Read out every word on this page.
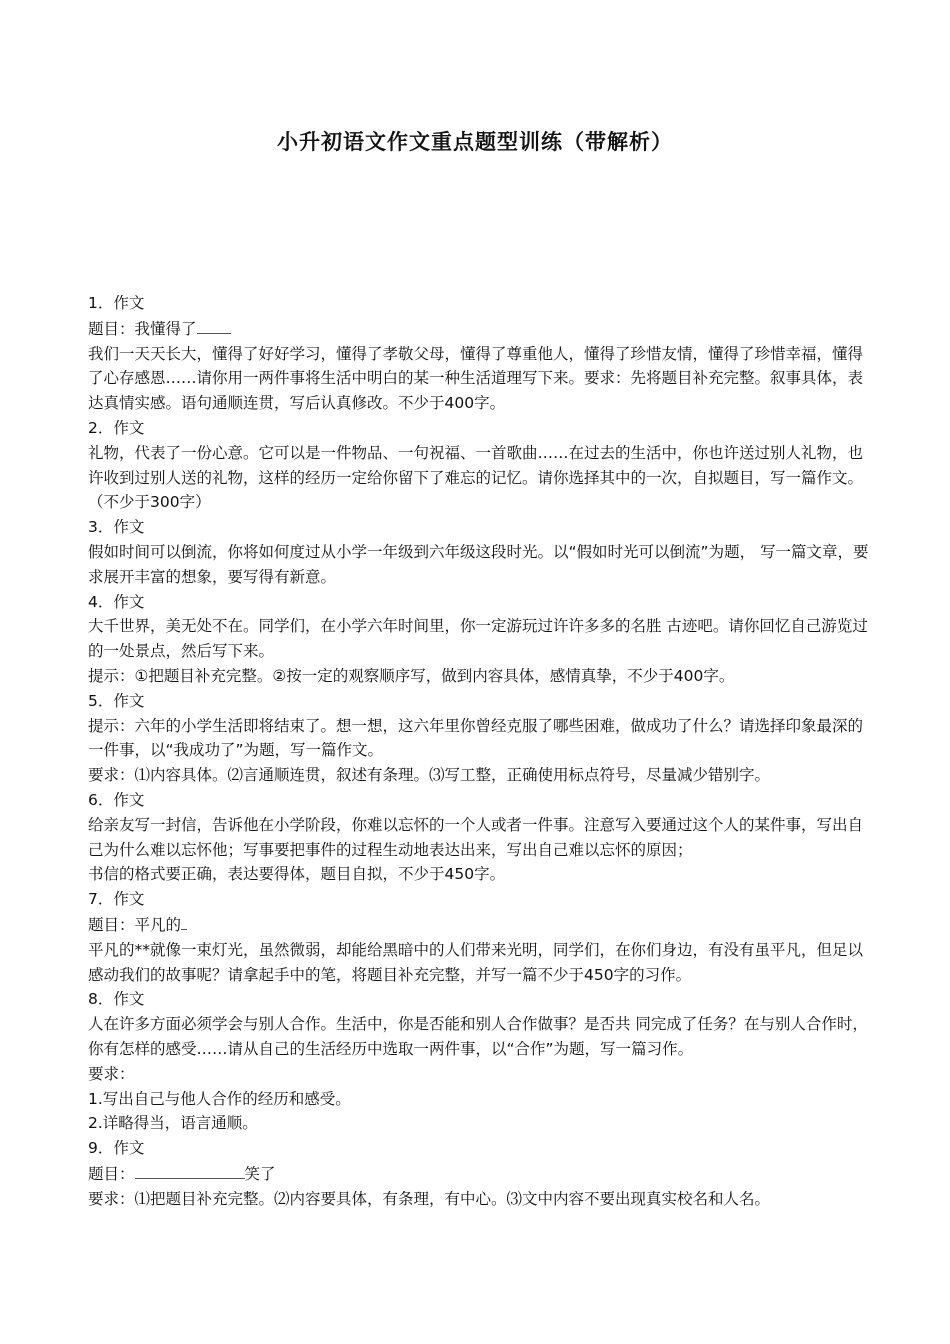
小升初语文作文重点题型训练（带解析）

1．作文

题目：我懂得了

我们一天天长大，懂得了好好学习，懂得了孝敬父母，懂得了尊重他人，懂得了珍惜友情，懂得了珍惜幸福，懂得了心存感恩……请你用一两件事将生活中明白的某一种生活道理写下来。要求：先将题目补充完整。叙事具体，表达真情实感。语句通顺连贯，写后认真修改。不少于400字。

2．作文

礼物，代表了一份心意。它可以是一件物品、一句祝福、一首歌曲……在过去的生活中，你也许送过别人礼物，也许收到过别人送的礼物，这样的经历一定给你留下了难忘的记忆。请你选择其中的一次，自拟题目，写一篇作文。（不少于300字）

3．作文

假如时间可以倒流，你将如何度过从小学一年级到六年级这段时光。以“假如时光可以倒流”为题， 写一篇文章，要求展开丰富的想象，要写得有新意。

4．作文

大千世界，美无处不在。同学们，在小学六年时间里，你一定游玩过许许多多的名胜 古迹吧。请你回忆自己游览过的一处景点，然后写下来。

提示：①把题目补充完整。②按一定的观察顺序写，做到内容具体，感情真挚，不少于400字。

5．作文

提示：六年的小学生活即将结束了。想一想，这六年里你曾经克服了哪些困难，做成功了什么？请选择印象最深的一件事，以“我成功了”为题，写一篇作文。

要求：⑴内容具体。⑵言通顺连贯，叙述有条理。⑶写工整，正确使用标点符号，尽量减少错别字。

6．作文

给亲友写一封信，告诉他在小学阶段，你难以忘怀的一个人或者一件事。注意写入要通过这个人的某件事，写出自己为什么难以忘怀他；写事要把事件的过程生动地表达出来，写出自己难以忘怀的原因；

书信的格式要正确，表达要得体，题目自拟，不少于450字。

7．作文

题目：平凡的

平凡的**就像一束灯光，虽然微弱，却能给黑暗中的人们带来光明，同学们，在你们身边，有没有虽平凡，但足以感动我们的故事呢？请拿起手中的笔，将题目补充完整，并写一篇不少于450字的习作。

8．作文

人在许多方面必须学会与别人合作。生活中，你是否能和别人合作做事？是否共 同完成了任务？在与别人合作时，你有怎样的感受……请从自己的生活经历中选取一两件事，以“合作”为题，写一篇习作。

要求：

1.写出自己与他人合作的经历和感受。

2.详略得当，语言通顺。

9．作文

题目：	笑了

要求：⑴把题目补充完整。⑵内容要具体，有条理，有中心。⑶文中内容不要出现真实校名和人名。
